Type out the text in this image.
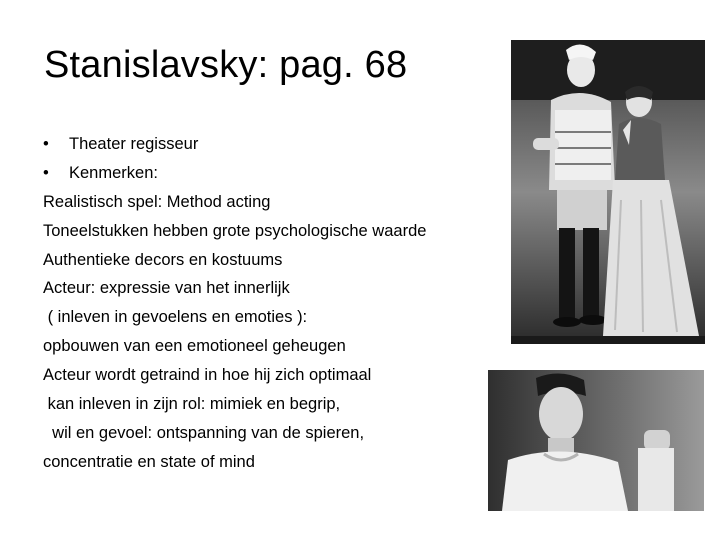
Stanislavsky: pag. 68
• Theater regisseur
• Kenmerken:
Realistisch spel: Method acting
Toneelstukken hebben grote psychologische waarde
Authentieke decors en kostuums
Acteur: expressie van het innerlijk
( inleven in gevoelens en emoties ):
opbouwen van een emotioneel geheugen
Acteur wordt getraind in hoe hij zich optimaal
kan inleven in zijn rol: mimiek en begrip,
wil en gevoel: ontspanning van de spieren,
concentratie en state of mind
